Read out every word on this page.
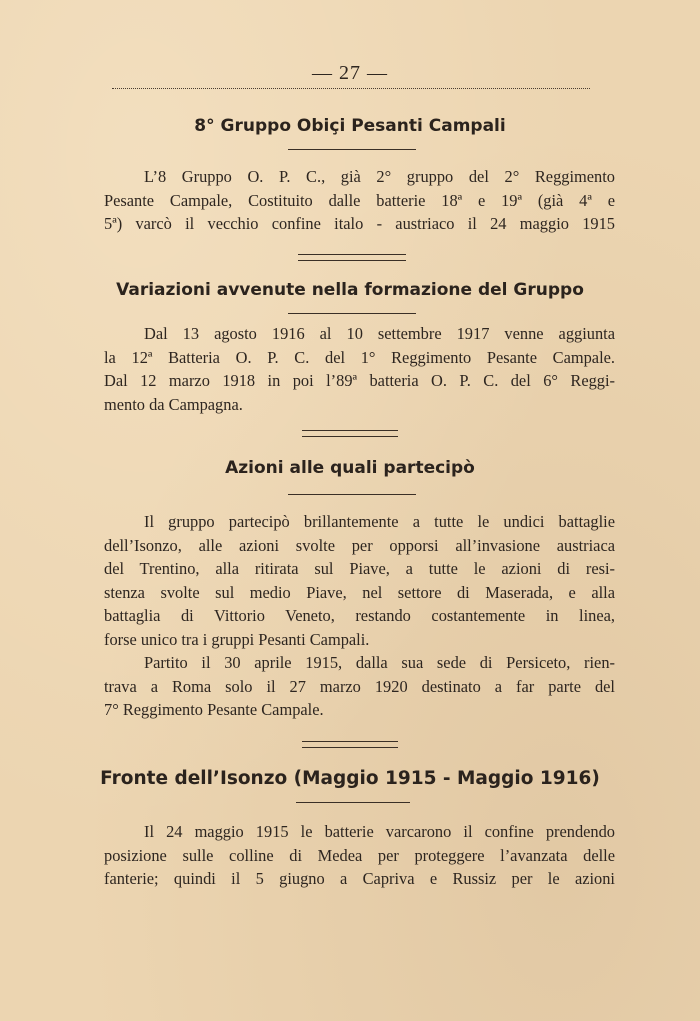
— 27 —
8° Gruppo Obiçi Pesanti Campali
L’8 Gruppo O. P. C., già 2° gruppo del 2° Reggimento
Pesante Campale, Costituito dalle batterie 18ª e 19ª (già 4ª e
5ª) varcò il vecchio confine italo - austriaco il 24 maggio 1915
Variazioni avvenute nella formazione del Gruppo
Dal 13 agosto 1916 al 10 settembre 1917 venne aggiunta
la 12ª Batteria O. P. C. del 1° Reggimento Pesante Campale.
Dal 12 marzo 1918 in poi l’89ª batteria O. P. C. del 6° Reggi-
mento da Campagna.
Azioni alle quali partecipò
Il gruppo partecipò brillantemente a tutte le undici battaglie
dell’Isonzo, alle azioni svolte per opporsi all’invasione austriaca
del Trentino, alla ritirata sul Piave, a tutte le azioni di resi-
stenza svolte sul medio Piave, nel settore di Maserada, e alla
battaglia di Vittorio Veneto, restando costantemente in linea,
forse unico tra i gruppi Pesanti Campali.
Partito il 30 aprile 1915, dalla sua sede di Persiceto, rien-
trava a Roma solo il 27 marzo 1920 destinato a far parte del
7° Reggimento Pesante Campale.
Fronte dell’Isonzo (Maggio 1915 - Maggio 1916)
Il 24 maggio 1915 le batterie varcarono il confine prendendo
posizione sulle colline di Medea per proteggere l’avanzata delle
fanterie; quindi il 5 giugno a Capriva e Russiz per le azioni
